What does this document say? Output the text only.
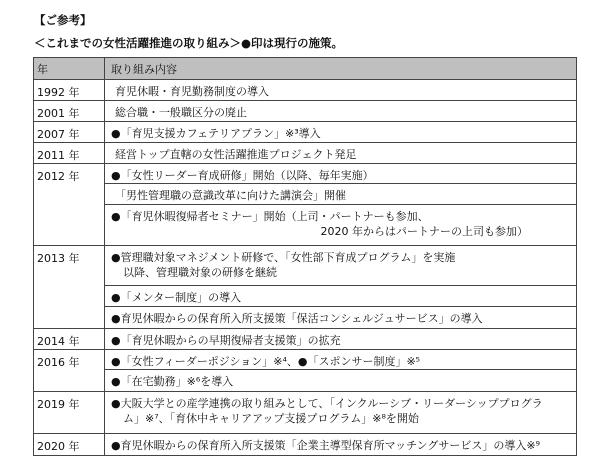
【ご参考】
＜これまでの女性活躍推進の取り組み＞●印は現行の施策。
年	取り組み内容
1992 年	育児休暇・育児勤務制度の導入
2001 年	総合職・一般職区分の廃止
2007 年	●「育児支援カフェテリアプラン」※³導入
2011 年	経営トップ直轄の女性活躍推進プロジェクト発足
2012 年	●「女性リーダー育成研修」開始（以降、毎年実施）
「男性管理職の意識改革に向けた講演会」開催
●「育児休暇復帰者セミナー」開始（上司・パートナーも参加、
2020 年からはパートナーの上司も参加）
2013 年	●管理職対象マネジメント研修で、「女性部下育成プログラム」を実施
以降、管理職対象の研修を継続
●「メンター制度」の導入
●育児休暇からの保育所入所支援策「保活コンシェルジュサービス」の導入
2014 年	●「育児休暇からの早期復帰者支援策」の拡充
2016 年	●「女性フィーダーポジション」※⁴、●「スポンサー制度」※⁵
●「在宅勤務」※⁶を導入
2019 年	●大阪大学との産学連携の取り組みとして、「インクルーシブ・リーダーシッププログラ
ム」※⁷、「育休中キャリアアップ支援プログラム」※⁸を開始
2020 年	●育児休暇からの保育所入所支援策「企業主導型保育所マッチングサービス」の導入※⁹
